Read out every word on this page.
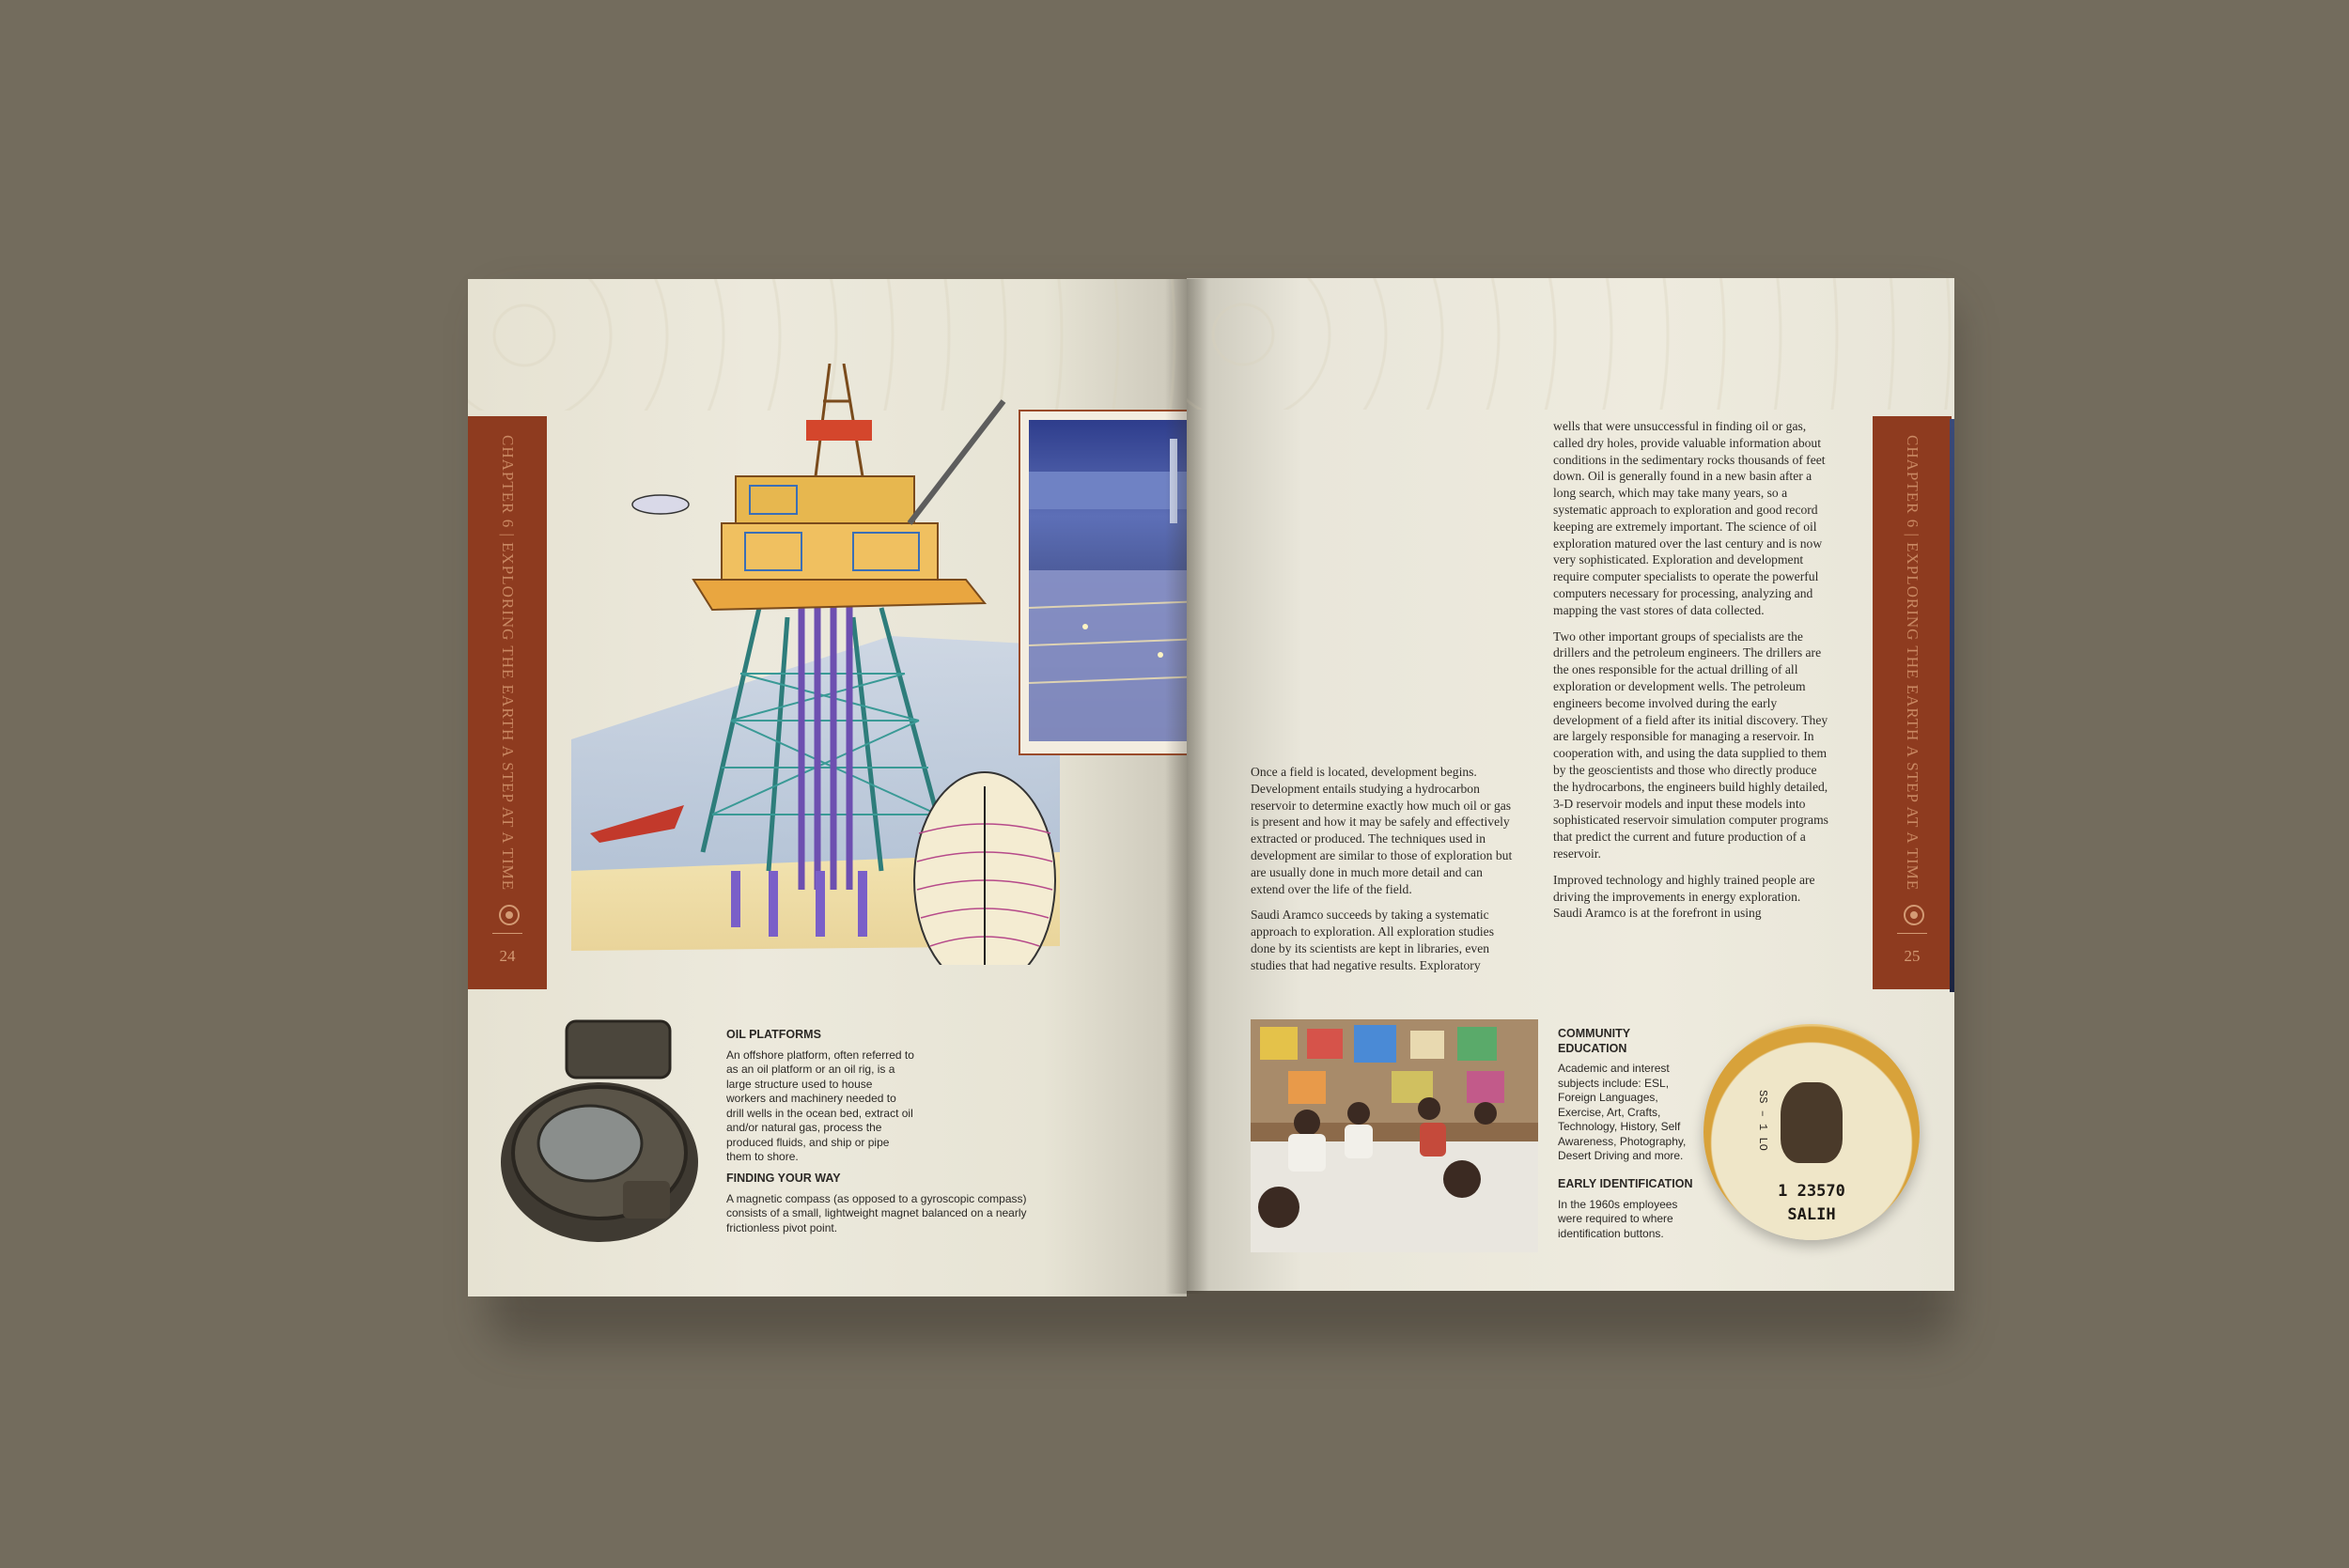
CHAPTER 6 | EXPLORING THE EARTH A STEP AT A TIME
24
OIL PLATFORMS

An offshore platform, often referred to as an oil platform or an oil rig, is a large structure used to house workers and machinery needed to drill wells in the ocean bed, extract oil and/or natural gas, process the produced fluids, and ship or pipe them to shore.

FINDING YOUR WAY

A magnetic compass (as opposed to a gyroscopic compass) consists of a small, lightweight magnet balanced on a nearly frictionless pivot point.

Once a field is located, development begins. Development entails studying a hydrocarbon reservoir to determine exactly how much oil or gas is present and how it may be safely and effectively extracted or produced. The techniques used in development are similar to those of exploration but are usually done in much more detail and can extend over the life of the field.

Saudi Aramco succeeds by taking a systematic approach to exploration. All exploration studies done by its scientists are kept in libraries, even studies that had negative results. Exploratory

wells that were unsuccessful in finding oil or gas, called dry holes, provide valuable information about conditions in the sedimentary rocks thousands of feet down. Oil is generally found in a new basin after a long search, which may take many years, so a systematic approach to exploration and good record keeping are extremely important. The science of oil exploration matured over the last century and is now very sophisticated. Exploration and development require computer specialists to operate the powerful computers necessary for processing, analyzing and mapping the vast stores of data collected.

Two other important groups of specialists are the drillers and the petroleum engineers. The drillers are the ones responsible for the actual drilling of all exploration or development wells. The petroleum engineers become involved during the early development of a field after its initial discovery. They are largely responsible for managing a reservoir. In cooperation with, and using the data supplied to them by the geoscientists and those who directly produce the hydrocarbons, the engineers build highly detailed, 3-D reservoir models and input these models into sophisticated reservoir simulation computer programs that predict the current and future production of a reservoir.

Improved technology and highly trained people are driving the improvements in energy exploration. Saudi Aramco is at the forefront in using

CHAPTER 6 | EXPLORING THE EARTH A STEP AT A TIME
25
COMMUNITY EDUCATION

Academic and interest subjects include: ESL, Foreign Languages, Exercise, Art, Crafts, Technology, History, Self Awareness, Photography, Desert Driving and more.

EARLY IDENTIFICATION

In the 1960s employees were required to where identification buttons.

SS – 1 LO
1 23570
SALIH
